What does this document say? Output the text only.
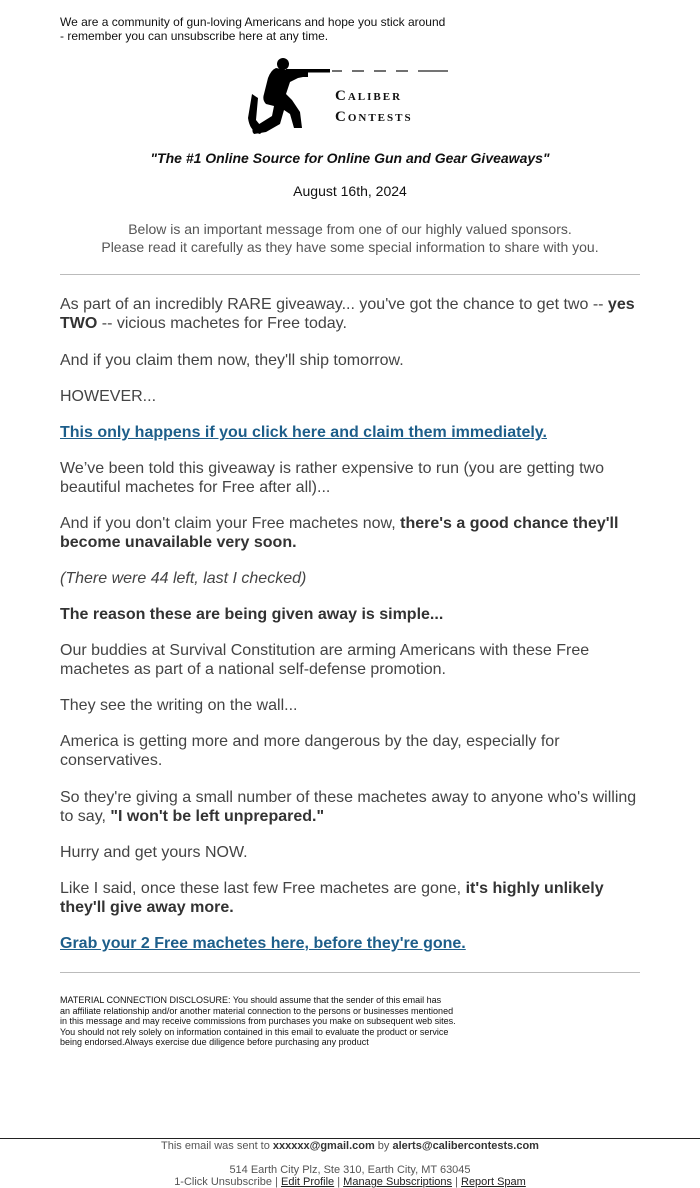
We are a community of gun-loving Americans and hope you stick around
- remember you can unsubscribe here at any time.
Caliber
Contests
"The #1 Online Source for Online Gun and Gear Giveaways"
August 16th, 2024
Below is an important message from one of our highly valued sponsors.
Please read it carefully as they have some special information to share with you.

As part of an incredibly RARE giveaway... you've got the chance to get two -- yes TWO -- vicious machetes for Free today.

And if you claim them now, they'll ship tomorrow.

HOWEVER...

This only happens if you click here and claim them immediately.

We’ve been told this giveaway is rather expensive to run (you are getting two beautiful machetes for Free after all)...

And if you don't claim your Free machetes now, there's a good chance they'll become unavailable very soon.

(There were 44 left, last I checked)

The reason these are being given away is simple...

Our buddies at Survival Constitution are arming Americans with these Free machetes as part of a national self-defense promotion.

They see the writing on the wall...

America is getting more and more dangerous by the day, especially for conservatives.

So they're giving a small number of these machetes away to anyone who's willing to say, "I won't be left unprepared."

Hurry and get yours NOW.

Like I said, once these last few Free machetes are gone, it's highly unlikely they'll give away more.

Grab your 2 Free machetes here, before they're gone.

MATERIAL CONNECTION DISCLOSURE: You should assume that the sender of this email has
an affiliate relationship and/or another material connection to the persons or businesses mentioned
in this message and may receive commissions from purchases you make on subsequent web sites.
You should not rely solely on information contained in this email to evaluate the product or service
being endorsed.Always exercise due diligence before purchasing any product
This email was sent to xxxxxx@gmail.com by alerts@calibercontests.com
514 Earth City Plz, Ste 310, Earth City, MT 63045
1-Click Unsubscribe | Edit Profile | Manage Subscriptions | Report Spam
